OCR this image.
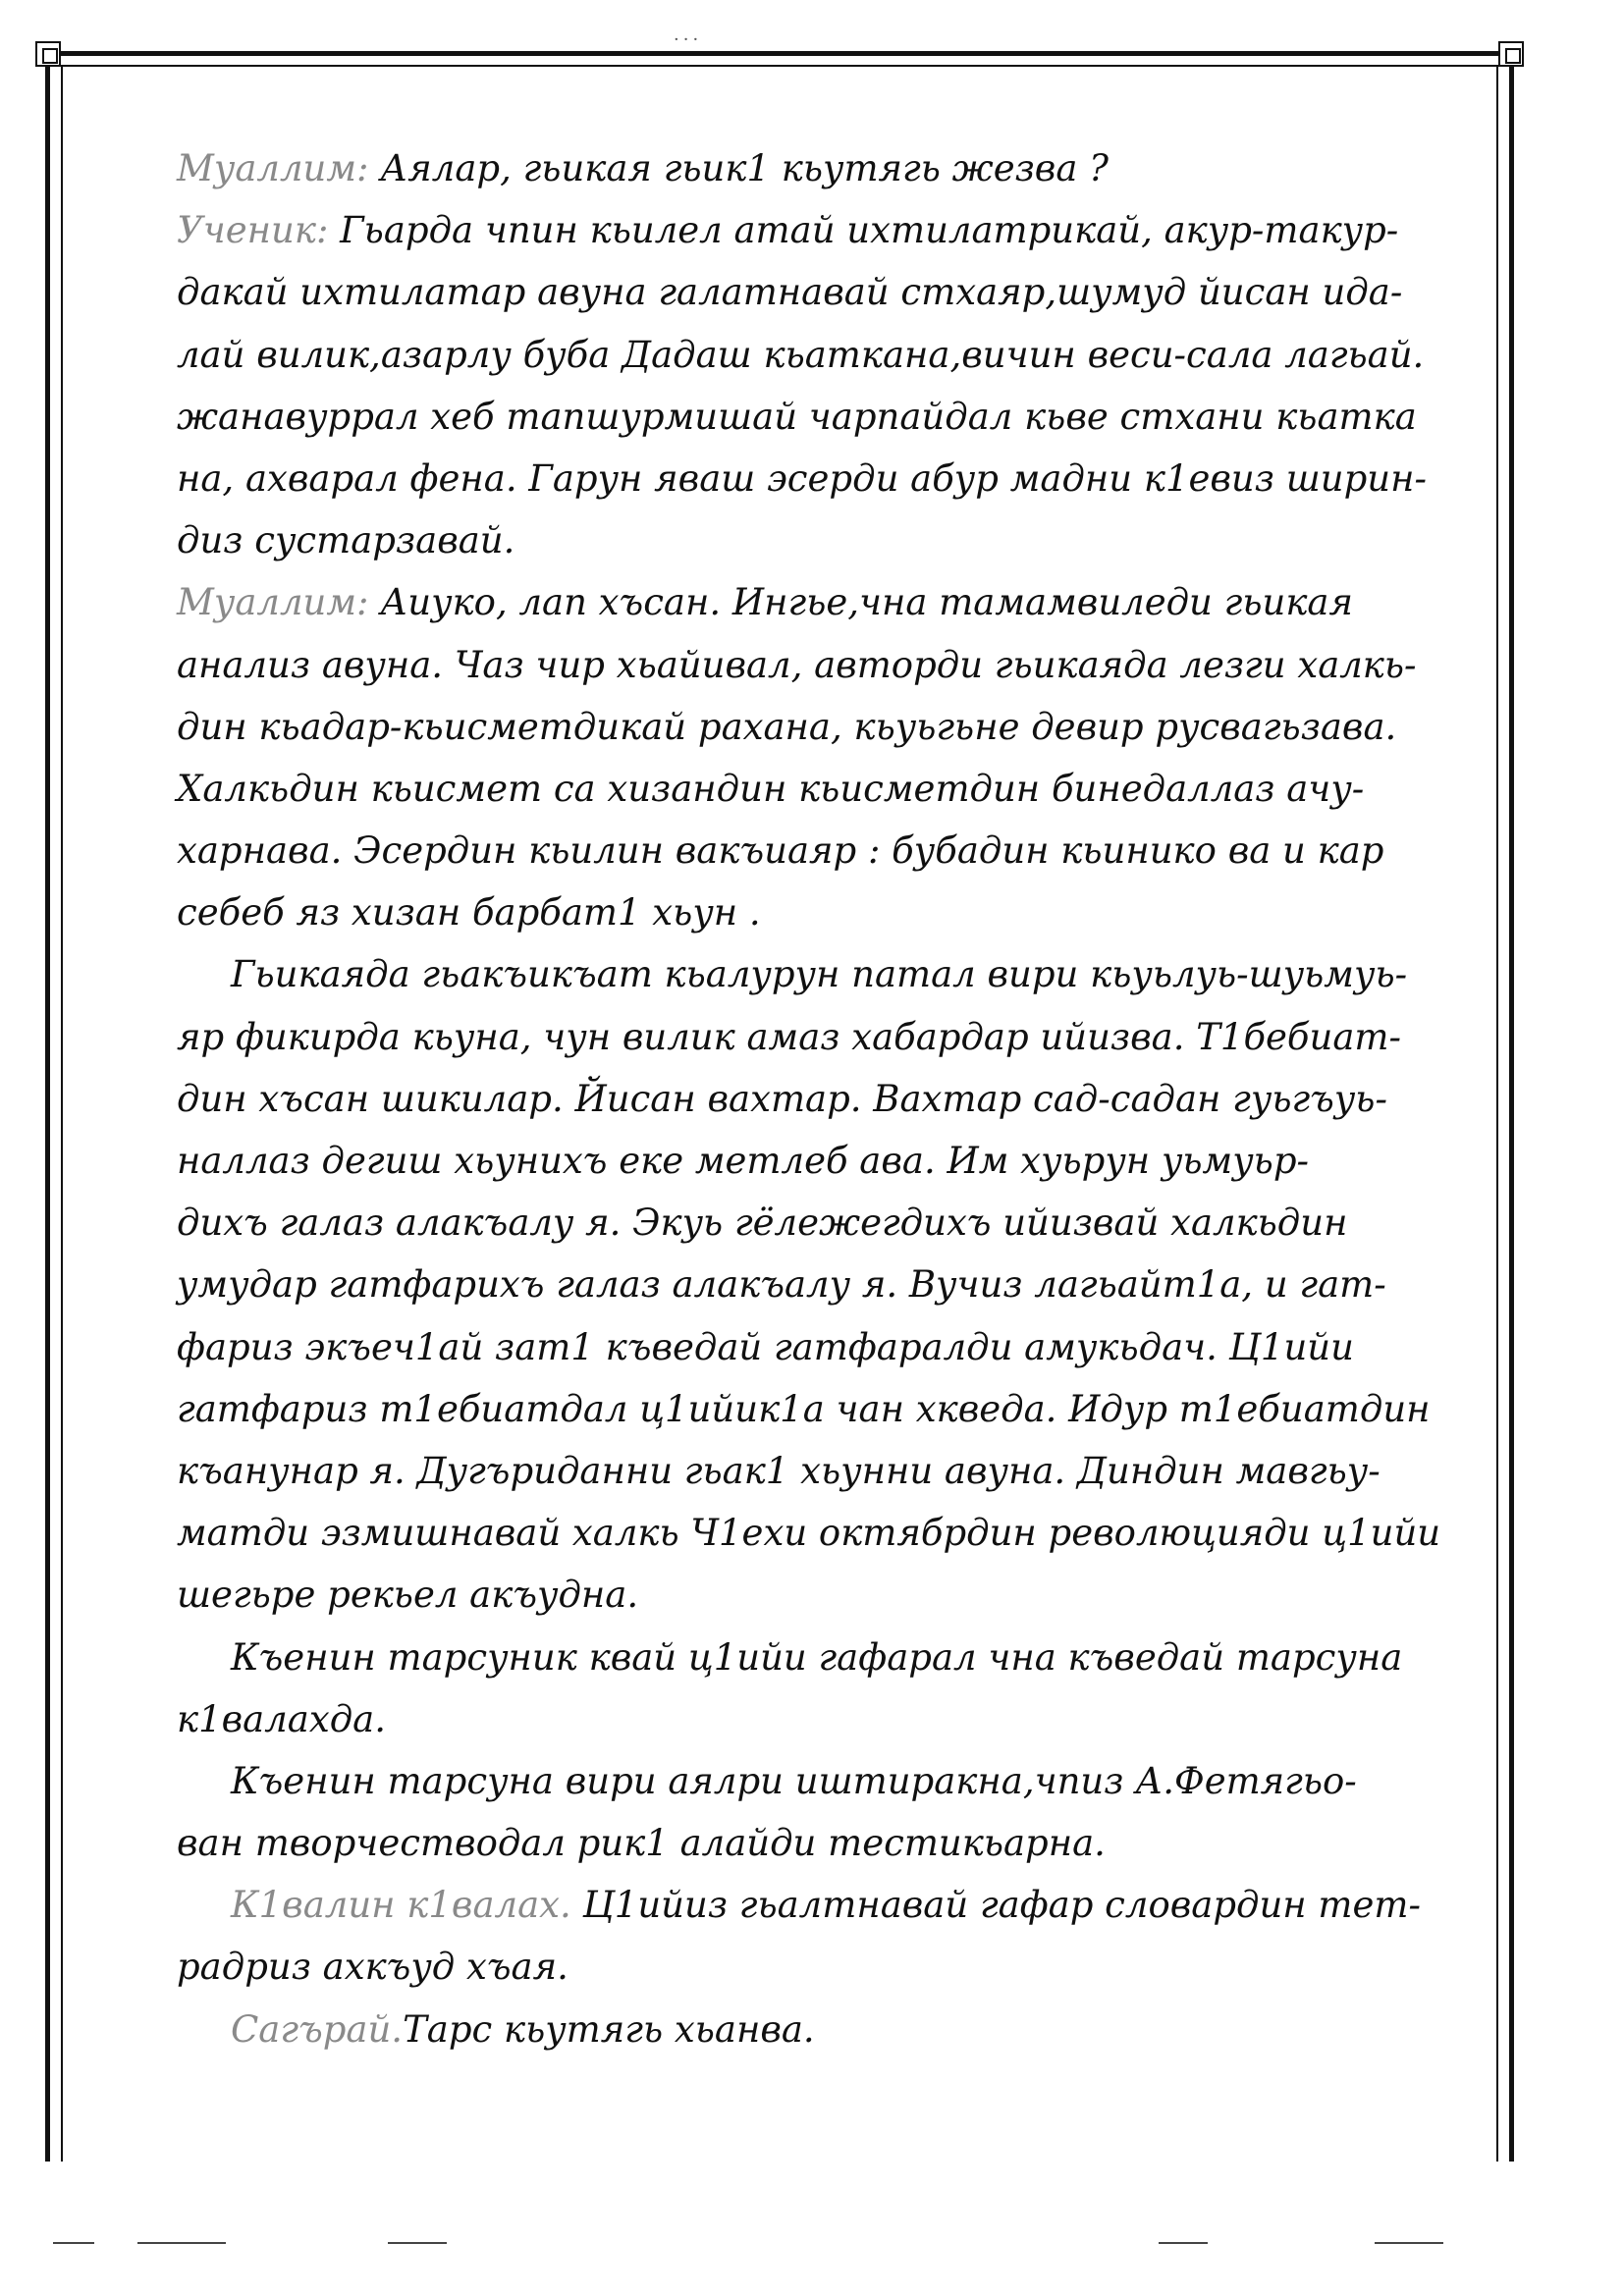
···
Муаллим: Аялар, гьикая гьик1 кьутягь жезва ?
Ученик: Гьарда чпин кьилел атай ихтилатрикай, акур-такур-
дакай ихтилатар авуна галатнавай стхаяр,шумуд йисан ида-
лай вилик,азарлу буба Дадаш кьатканa,вичин веси-сала лагьай.
жанавуррал хеб тапшурмишай чарпайдал кьве стхани кьатка
на, ахварал фена. Гарун яваш эсерди абур мадни к1евиз ширин-
диз сустарзавай.
Муаллим: Аиуко, лап хъсан. Ингье,чна тамамвиледи гьикая
анализ авуна. Чаз чир хьайивал, авторди гьикаяда лезги халкь-
дин кьадар-кьисметдикай рахана, кьуьгьне девир русвагьзава.
Халкьдин кьисмет са хизандин кьисметдин бинедаллаз ачу-
харнава. Эсердин кьилин вакъиаяр : бубадин кьинико ва и кар
себеб яз хизан барбат1 хьун .
Гьикаяда гьакъикъат кьалурун патал вири кьуьлуь-шуьмуь-
яр фикирда кьуна, чун вилик амаз хабардар ийизва. Т1бебиат-
дин хъсан шикилар. Йисан вахтар. Вахтар сад-садан гуьгъуь-
наллаз дегиш хьунихъ еке метлеб ава. Им хуьрун уьмуьр-
дихъ галаз алакъалу я. Экуь гёлежегдихъ ийизвай халкьдин
умудар гатфарихъ галаз алакъалу я. Вучиз лагьайт1а, и гат-
фариз экъеч1ай зат1 къведай гатфаралди амукьдач. Ц1ийи
гатфариз т1ебиатдал ц1ийик1а чан хкведа. Идур т1ебиатдин
къанунар я. Дугъриданни гьак1 хьунни авуна. Диндин мавгьу-
матди эзмишнавай халкь Ч1ехи октябрдин революцияди ц1ийи
шегьре рекьел акъудна.
Къенин тарсуник квай ц1ийи гафарал чна къведай тарсуна
к1валахда.
Къенин тарсуна вири аялри иштиракна,чпиз А.Фетягьо-
ван творчестводал рик1 алайди тестикьарна.
К1валин к1валах. Ц1ийиз гьалтнавай гафар словардин тет-
радриз ахкъуд хъая.
Сагърай.Тарс кьутягь хьанва.
